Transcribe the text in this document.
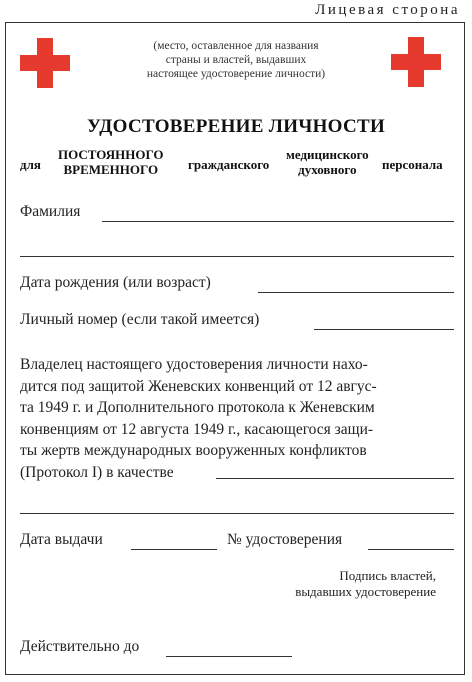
Лицевая сторона
(место, оставленное для названия
страны и властей, выдавших
настоящее удостоверение личности)
УДОСТОВЕРЕНИЕ ЛИЧНОСТИ
для
ПОСТОЯННОГО
ВРЕМЕННОГО	гражданского
медицинского
духовного	персонала
Фамилия
Дата рождения (или возраст)
Личный номер (если такой имеется)
Владелец настоящего удостоверения личности нахо-
дится под защитой Женевских конвенций от 12 авгус-
та 1949 г. и Дополнительного протокола к Женевским
конвенциям от 12 августа 1949 г., касающегося защи-
ты жертв международных вооруженных конфликтов
(Протокол I) в качестве
Дата выдачи	№ удостоверения
Подпись властей,
выдавших удостоверение
Действительно до
